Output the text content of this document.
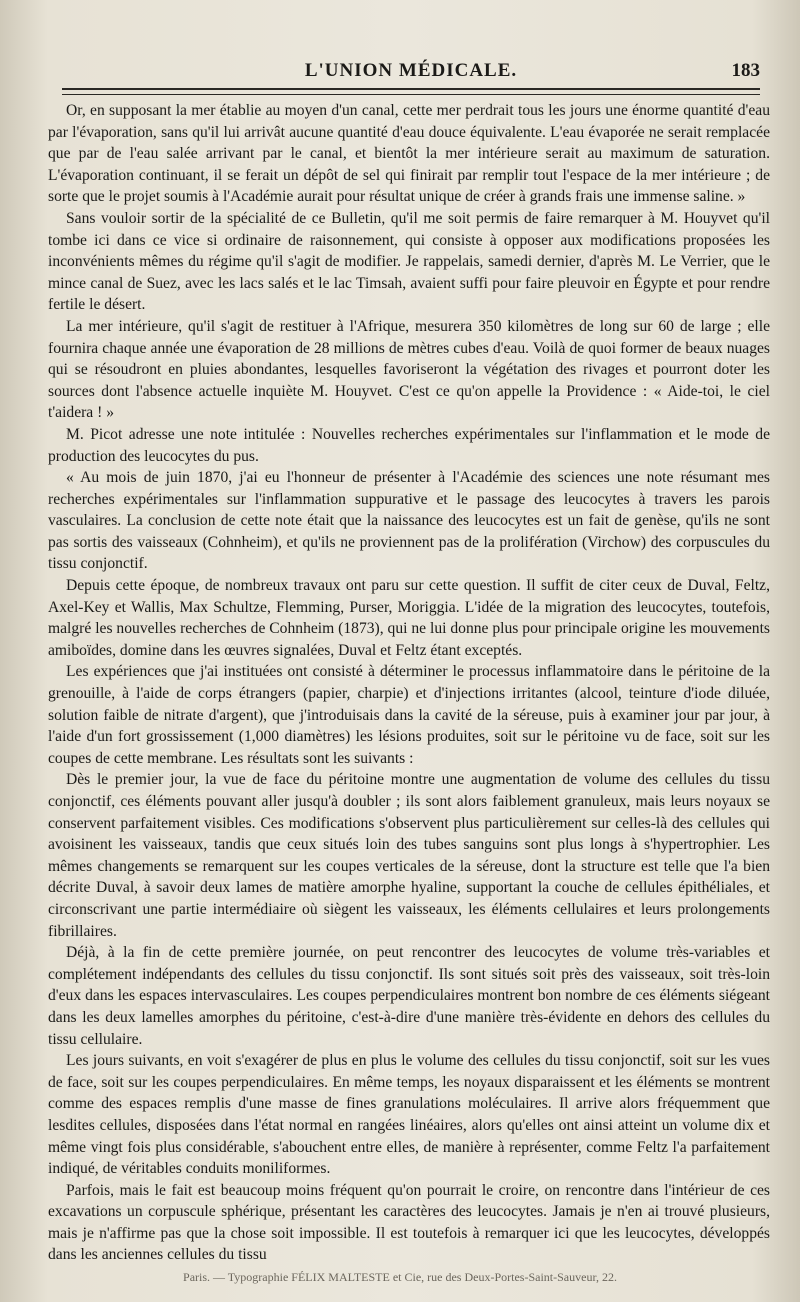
L'UNION MÉDICALE.	183

Or, en supposant la mer établie au moyen d'un canal, cette mer perdrait tous les jours une énorme quantité d'eau par l'évaporation, sans qu'il lui arrivât aucune quantité d'eau douce équivalente. L'eau évaporée ne serait remplacée que par de l'eau salée arrivant par le canal, et bientôt la mer intérieure serait au maximum de saturation. L'évaporation continuant, il se ferait un dépôt de sel qui finirait par remplir tout l'espace de la mer intérieure ; de sorte que le projet soumis à l'Académie aurait pour résultat unique de créer à grands frais une immense saline. »

Sans vouloir sortir de la spécialité de ce Bulletin, qu'il me soit permis de faire remarquer à M. Houyvet qu'il tombe ici dans ce vice si ordinaire de raisonnement, qui consiste à opposer aux modifications proposées les inconvénients mêmes du régime qu'il s'agit de modifier. Je rappelais, samedi dernier, d'après M. Le Verrier, que le mince canal de Suez, avec les lacs salés et le lac Timsah, avaient suffi pour faire pleuvoir en Égypte et pour rendre fertile le désert.

La mer intérieure, qu'il s'agit de restituer à l'Afrique, mesurera 350 kilomètres de long sur 60 de large ; elle fournira chaque année une évaporation de 28 millions de mètres cubes d'eau. Voilà de quoi former de beaux nuages qui se résoudront en pluies abondantes, lesquelles favoriseront la végétation des rivages et pourront doter les sources dont l'absence actuelle inquiète M. Houyvet. C'est ce qu'on appelle la Providence : « Aide-toi, le ciel t'aidera ! »

M. Picot adresse une note intitulée : Nouvelles recherches expérimentales sur l'inflammation et le mode de production des leucocytes du pus.

« Au mois de juin 1870, j'ai eu l'honneur de présenter à l'Académie des sciences une note résumant mes recherches expérimentales sur l'inflammation suppurative et le passage des leucocytes à travers les parois vasculaires. La conclusion de cette note était que la naissance des leucocytes est un fait de genèse, qu'ils ne sont pas sortis des vaisseaux (Cohnheim), et qu'ils ne proviennent pas de la prolifération (Virchow) des corpuscules du tissu conjonctif.

Depuis cette époque, de nombreux travaux ont paru sur cette question. Il suffit de citer ceux de Duval, Feltz, Axel-Key et Wallis, Max Schultze, Flemming, Purser, Moriggia. L'idée de la migration des leucocytes, toutefois, malgré les nouvelles recherches de Cohnheim (1873), qui ne lui donne plus pour principale origine les mouvements amiboïdes, domine dans les œuvres signalées, Duval et Feltz étant exceptés.

Les expériences que j'ai instituées ont consisté à déterminer le processus inflammatoire dans le péritoine de la grenouille, à l'aide de corps étrangers (papier, charpie) et d'injections irritantes (alcool, teinture d'iode diluée, solution faible de nitrate d'argent), que j'introduisais dans la cavité de la séreuse, puis à examiner jour par jour, à l'aide d'un fort grossissement (1,000 diamètres) les lésions produites, soit sur le péritoine vu de face, soit sur les coupes de cette membrane. Les résultats sont les suivants :

Dès le premier jour, la vue de face du péritoine montre une augmentation de volume des cellules du tissu conjonctif, ces éléments pouvant aller jusqu'à doubler ; ils sont alors faiblement granuleux, mais leurs noyaux se conservent parfaitement visibles. Ces modifications s'observent plus particulièrement sur celles-là des cellules qui avoisinent les vaisseaux, tandis que ceux situés loin des tubes sanguins sont plus longs à s'hypertrophier. Les mêmes changements se remarquent sur les coupes verticales de la séreuse, dont la structure est telle que l'a bien décrite Duval, à savoir deux lames de matière amorphe hyaline, supportant la couche de cellules épithéliales, et circonscrivant une partie intermédiaire où siègent les vaisseaux, les éléments cellulaires et leurs prolongements fibrillaires.

Déjà, à la fin de cette première journée, on peut rencontrer des leucocytes de volume très-variables et complétement indépendants des cellules du tissu conjonctif. Ils sont situés soit près des vaisseaux, soit très-loin d'eux dans les espaces intervasculaires. Les coupes perpendiculaires montrent bon nombre de ces éléments siégeant dans les deux lamelles amorphes du péritoine, c'est-à-dire d'une manière très-évidente en dehors des cellules du tissu cellulaire.

Les jours suivants, en voit s'exagérer de plus en plus le volume des cellules du tissu conjonctif, soit sur les vues de face, soit sur les coupes perpendiculaires. En même temps, les noyaux disparaissent et les éléments se montrent comme des espaces remplis d'une masse de fines granulations moléculaires. Il arrive alors fréquemment que lesdites cellules, disposées dans l'état normal en rangées linéaires, alors qu'elles ont ainsi atteint un volume dix et même vingt fois plus considérable, s'abouchent entre elles, de manière à représenter, comme Feltz l'a parfaitement indiqué, de véritables conduits moniliformes.

Parfois, mais le fait est beaucoup moins fréquent qu'on pourrait le croire, on rencontre dans l'intérieur de ces excavations un corpuscule sphérique, présentant les caractères des leucocytes. Jamais je n'en ai trouvé plusieurs, mais je n'affirme pas que la chose soit impossible. Il est toutefois à remarquer ici que les leucocytes, développés dans les anciennes cellules du tissu

Paris. — Typographie FÉLIX MALTESTE et Cie, rue des Deux-Portes-Saint-Sauveur, 22.
